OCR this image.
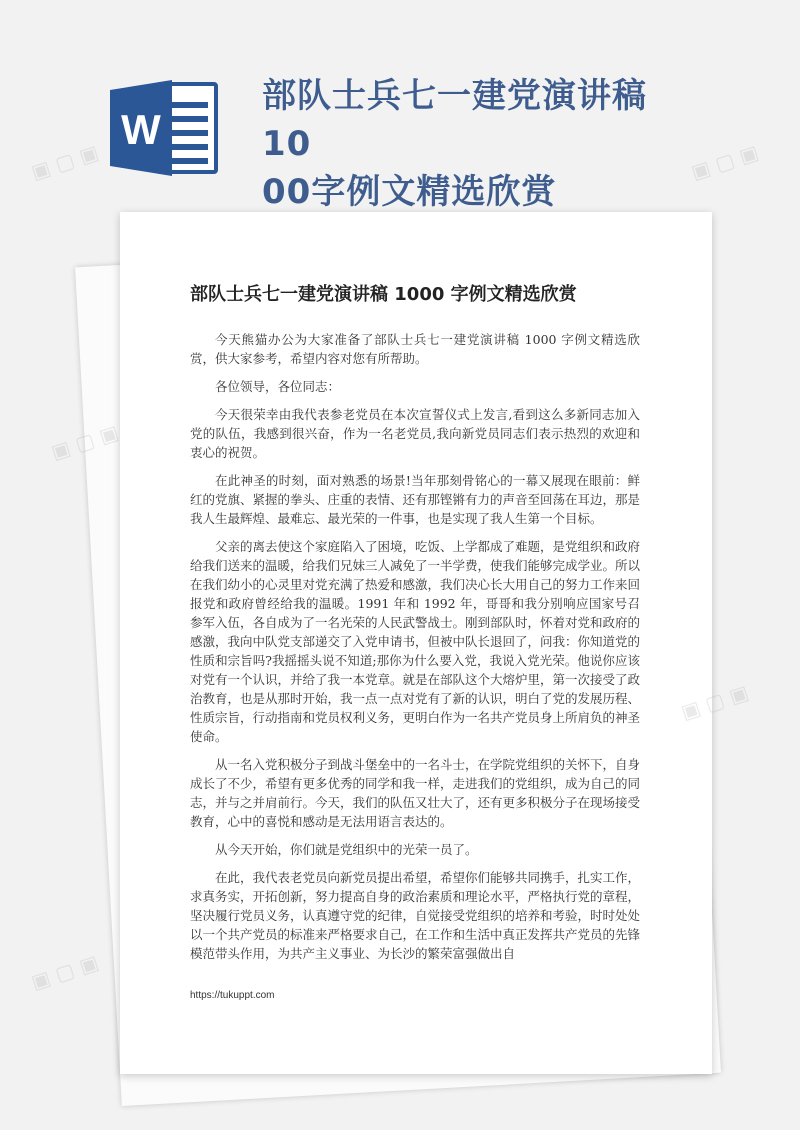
W
部队士兵七一建党演讲稿10
00字例文精选欣赏
部队士兵七一建党演讲稿 1000 字例文精选欣赏

今天熊猫办公为大家准备了部队士兵七一建党演讲稿 1000 字例文精选欣赏，供大家参考，希望内容对您有所帮助。

各位领导，各位同志：

今天很荣幸由我代表参老党员在本次宣誓仪式上发言,看到这么多新同志加入党的队伍，我感到很兴奋，作为一名老党员,我向新党员同志们表示热烈的欢迎和衷心的祝贺。

在此神圣的时刻，面对熟悉的场景!当年那刻骨铭心的一幕又展现在眼前：鲜红的党旗、紧握的拳头、庄重的表情、还有那铿锵有力的声音至回荡在耳边，那是我人生最辉煌、最难忘、最光荣的一件事，也是实现了我人生第一个目标。

父亲的离去使这个家庭陷入了困境，吃饭、上学都成了难题，是党组织和政府给我们送来的温暖，给我们兄妹三人减免了一半学费，使我们能够完成学业。所以在我们幼小的心灵里对党充满了热爱和感激，我们决心长大用自己的努力工作来回报党和政府曾经给我的温暖。1991 年和 1992 年，哥哥和我分别响应国家号召参军入伍，各自成为了一名光荣的人民武警战士。刚到部队时，怀着对党和政府的感激，我向中队党支部递交了入党申请书，但被中队长退回了，问我：你知道党的性质和宗旨吗?我摇摇头说不知道;那你为什么要入党，我说入党光荣。他说你应该对党有一个认识，并给了我一本党章。就是在部队这个大熔炉里，第一次接受了政治教育，也是从那时开始，我一点一点对党有了新的认识，明白了党的发展历程、性质宗旨，行动指南和党员权利义务，更明白作为一名共产党员身上所肩负的神圣使命。

从一名入党积极分子到战斗堡垒中的一名斗士，在学院党组织的关怀下，自身成长了不少，希望有更多优秀的同学和我一样，走进我们的党组织，成为自己的同志，并与之并肩前行。今天，我们的队伍又壮大了，还有更多积极分子在现场接受教育，心中的喜悦和感动是无法用语言表达的。

从今天开始，你们就是党组织中的光荣一员了。

在此，我代表老党员向新党员提出希望，希望你们能够共同携手，扎实工作，求真务实，开拓创新，努力提高自身的政治素质和理论水平，严格执行党的章程，坚决履行党员义务，认真遵守党的纪律，自觉接受党组织的培养和考验，时时处处以一个共产党员的标准来严格要求自己，在工作和生活中真正发挥共产党员的先锋模范带头作用，为共产主义事业、为长沙的繁荣富强做出自

https://tukuppt.com
▣ ▢ ▣	▣ ▢ ▣
▣ ▢ ▣
▣ ▢ ▣
▣ ▢ ▣
